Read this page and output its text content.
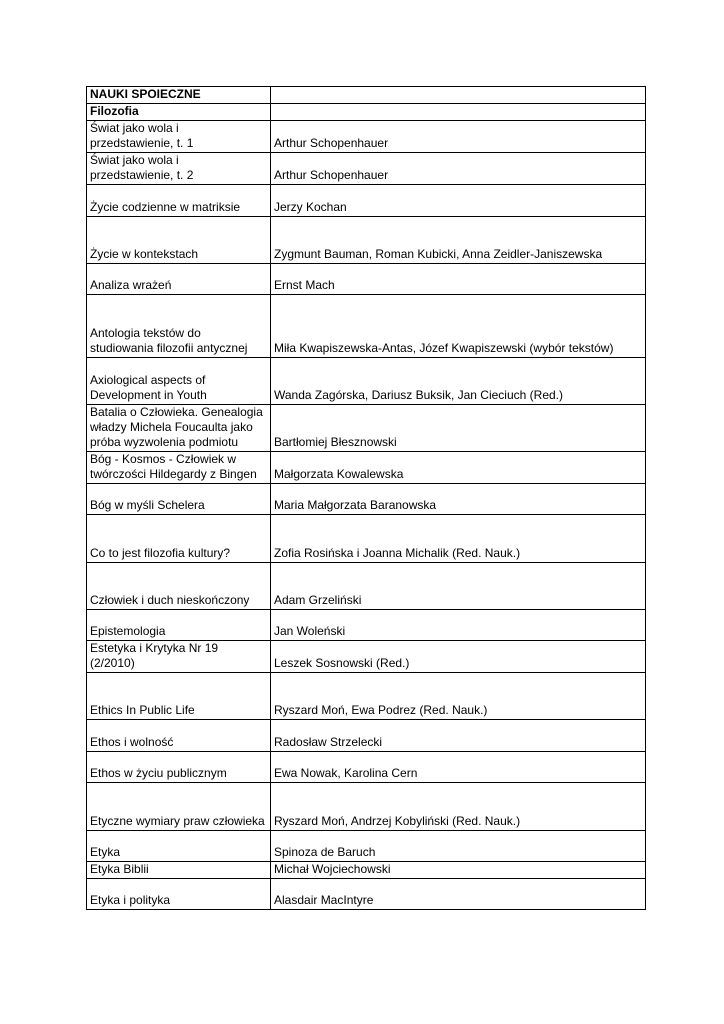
NAUKI SPOIECZNE	
Filozofia	
Świat jako wola i
przedstawienie, t. 1	Arthur Schopenhauer
Świat jako wola i
przedstawienie, t. 2	Arthur Schopenhauer
Życie codzienne w matriksie	Jerzy Kochan
Życie w kontekstach	Zygmunt Bauman, Roman Kubicki, Anna Zeidler-Janiszewska
Analiza wrażeń	Ernst Mach
Antologia tekstów do
studiowania filozofii antycznej	Miła Kwapiszewska-Antas, Józef Kwapiszewski (wybór tekstów)
Axiological aspects of
Development in Youth	Wanda Zagórska, Dariusz Buksik, Jan Cieciuch (Red.)
Batalia o Człowieka. Genealogia
władzy Michela Foucaulta jako
próba wyzwolenia podmiotu	Bartłomiej Błesznowski
Bóg - Kosmos - Człowiek w
twórczości Hildegardy z Bingen	Małgorzata Kowalewska
Bóg w myśli Schelera	Maria Małgorzata Baranowska
Co to jest filozofia kultury?	Zofia Rosińska i Joanna Michalik (Red. Nauk.)
Człowiek i duch nieskończony	Adam Grzeliński
Epistemologia	Jan Woleński
Estetyka i Krytyka Nr 19
(2/2010)	Leszek Sosnowski (Red.)
Ethics In Public Life	Ryszard Moń, Ewa Podrez (Red. Nauk.)
Ethos i wolność	Radosław Strzelecki
Ethos w życiu publicznym	Ewa Nowak, Karolina Cern
Etyczne wymiary praw człowieka	Ryszard Moń, Andrzej Kobyliński (Red. Nauk.)
Etyka	Spinoza de Baruch
Etyka Biblii	Michał Wojciechowski
Etyka i polityka	Alasdair MacIntyre
